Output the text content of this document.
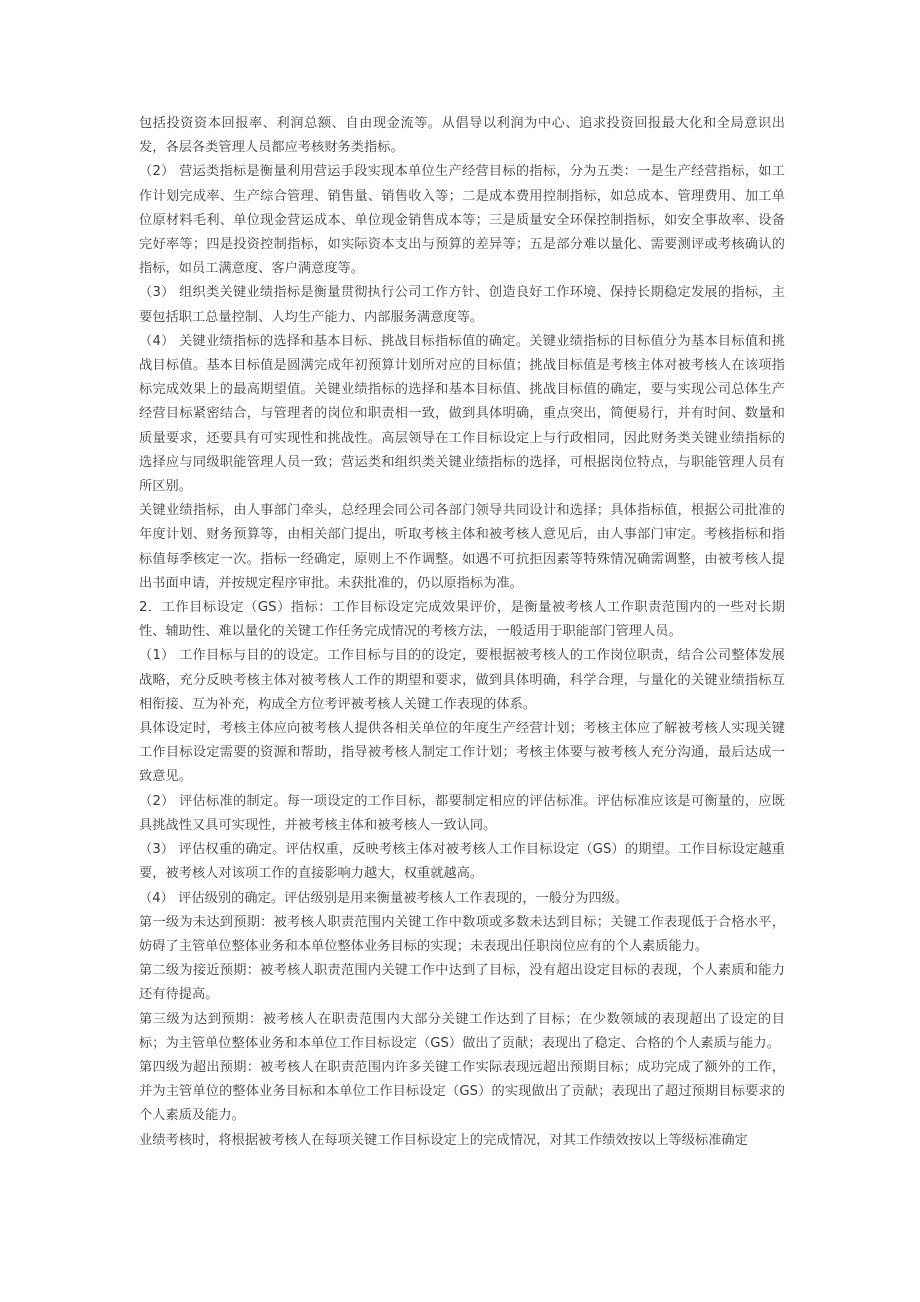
包括投资资本回报率、利润总额、自由现金流等。从倡导以利润为中心、追求投资回报最大化和全局意识出发，各层各类管理人员都应考核财务类指标。

（2） 营运类指标是衡量利用营运手段实现本单位生产经营目标的指标，分为五类：一是生产经营指标，如工作计划完成率、生产综合管理、销售量、销售收入等；二是成本费用控制指标，如总成本、管理费用、加工单位原材料毛利、单位现金营运成本、单位现金销售成本等；三是质量安全环保控制指标，如安全事故率、设备完好率等；四是投资控制指标，如实际资本支出与预算的差异等；五是部分难以量化、需要测评或考核确认的指标，如员工满意度、客户满意度等。

（3） 组织类关键业绩指标是衡量贯彻执行公司工作方针、创造良好工作环境、保持长期稳定发展的指标，主要包括职工总量控制、人均生产能力、内部服务满意度等。

（4） 关键业绩指标的选择和基本目标、挑战目标指标值的确定。关键业绩指标的目标值分为基本目标值和挑战目标值。基本目标值是圆满完成年初预算计划所对应的目标值；挑战目标值是考核主体对被考核人在该项指标完成效果上的最高期望值。关键业绩指标的选择和基本目标值、挑战目标值的确定，要与实现公司总体生产经营目标紧密结合，与管理者的岗位和职责相一致，做到具体明确，重点突出，简便易行，并有时间、数量和质量要求，还要具有可实现性和挑战性。高层领导在工作目标设定上与行政相同，因此财务类关键业绩指标的选择应与同级职能管理人员一致；营运类和组织类关键业绩指标的选择，可根据岗位特点，与职能管理人员有所区别。

关键业绩指标，由人事部门牵头，总经理会同公司各部门领导共同设计和选择；具体指标值，根据公司批准的年度计划、财务预算等，由相关部门提出，听取考核主体和被考核人意见后，由人事部门审定。考核指标和指标值每季核定一次。指标一经确定，原则上不作调整。如遇不可抗拒因素等特殊情况确需调整，由被考核人提出书面申请，并按规定程序审批。未获批准的，仍以原指标为准。

2．工作目标设定（GS）指标：工作目标设定完成效果评价，是衡量被考核人工作职责范围内的一些对长期性、辅助性、难以量化的关键工作任务完成情况的考核方法，一般适用于职能部门管理人员。

（1） 工作目标与目的的设定。工作目标与目的的设定，要根据被考核人的工作岗位职责，结合公司整体发展战略，充分反映考核主体对被考核人工作的期望和要求，做到具体明确，科学合理，与量化的关键业绩指标互相衔接、互为补充，构成全方位考评被考核人关键工作表现的体系。

具体设定时，考核主体应向被考核人提供各相关单位的年度生产经营计划；考核主体应了解被考核人实现关键工作目标设定需要的资源和帮助，指导被考核人制定工作计划；考核主体要与被考核人充分沟通，最后达成一致意见。

（2） 评估标准的制定。每一项设定的工作目标，都要制定相应的评估标准。评估标准应该是可衡量的，应既具挑战性又具可实现性，并被考核主体和被考核人一致认同。

（3） 评估权重的确定。评估权重，反映考核主体对被考核人工作目标设定（GS）的期望。工作目标设定越重要，被考核人对该项工作的直接影响力越大，权重就越高。

（4） 评估级别的确定。评估级别是用来衡量被考核人工作表现的，一般分为四级。

第一级为未达到预期：被考核人职责范围内关键工作中数项或多数未达到目标；关键工作表现低于合格水平，妨碍了主管单位整体业务和本单位整体业务目标的实现；未表现出任职岗位应有的个人素质能力。

第二级为接近预期：被考核人职责范围内关键工作中达到了目标，没有超出设定目标的表现，个人素质和能力还有待提高。

第三级为达到预期：被考核人在职责范围内大部分关键工作达到了目标；在少数领域的表现超出了设定的目标；为主管单位整体业务和本单位工作目标设定（GS）做出了贡献；表现出了稳定、合格的个人素质与能力。

第四级为超出预期：被考核人在职责范围内许多关键工作实际表现远超出预期目标；成功完成了额外的工作，并为主管单位的整体业务目标和本单位工作目标设定（GS）的实现做出了贡献；表现出了超过预期目标要求的个人素质及能力。

业绩考核时，将根据被考核人在每项关键工作目标设定上的完成情况，对其工作绩效按以上等级标准确定
